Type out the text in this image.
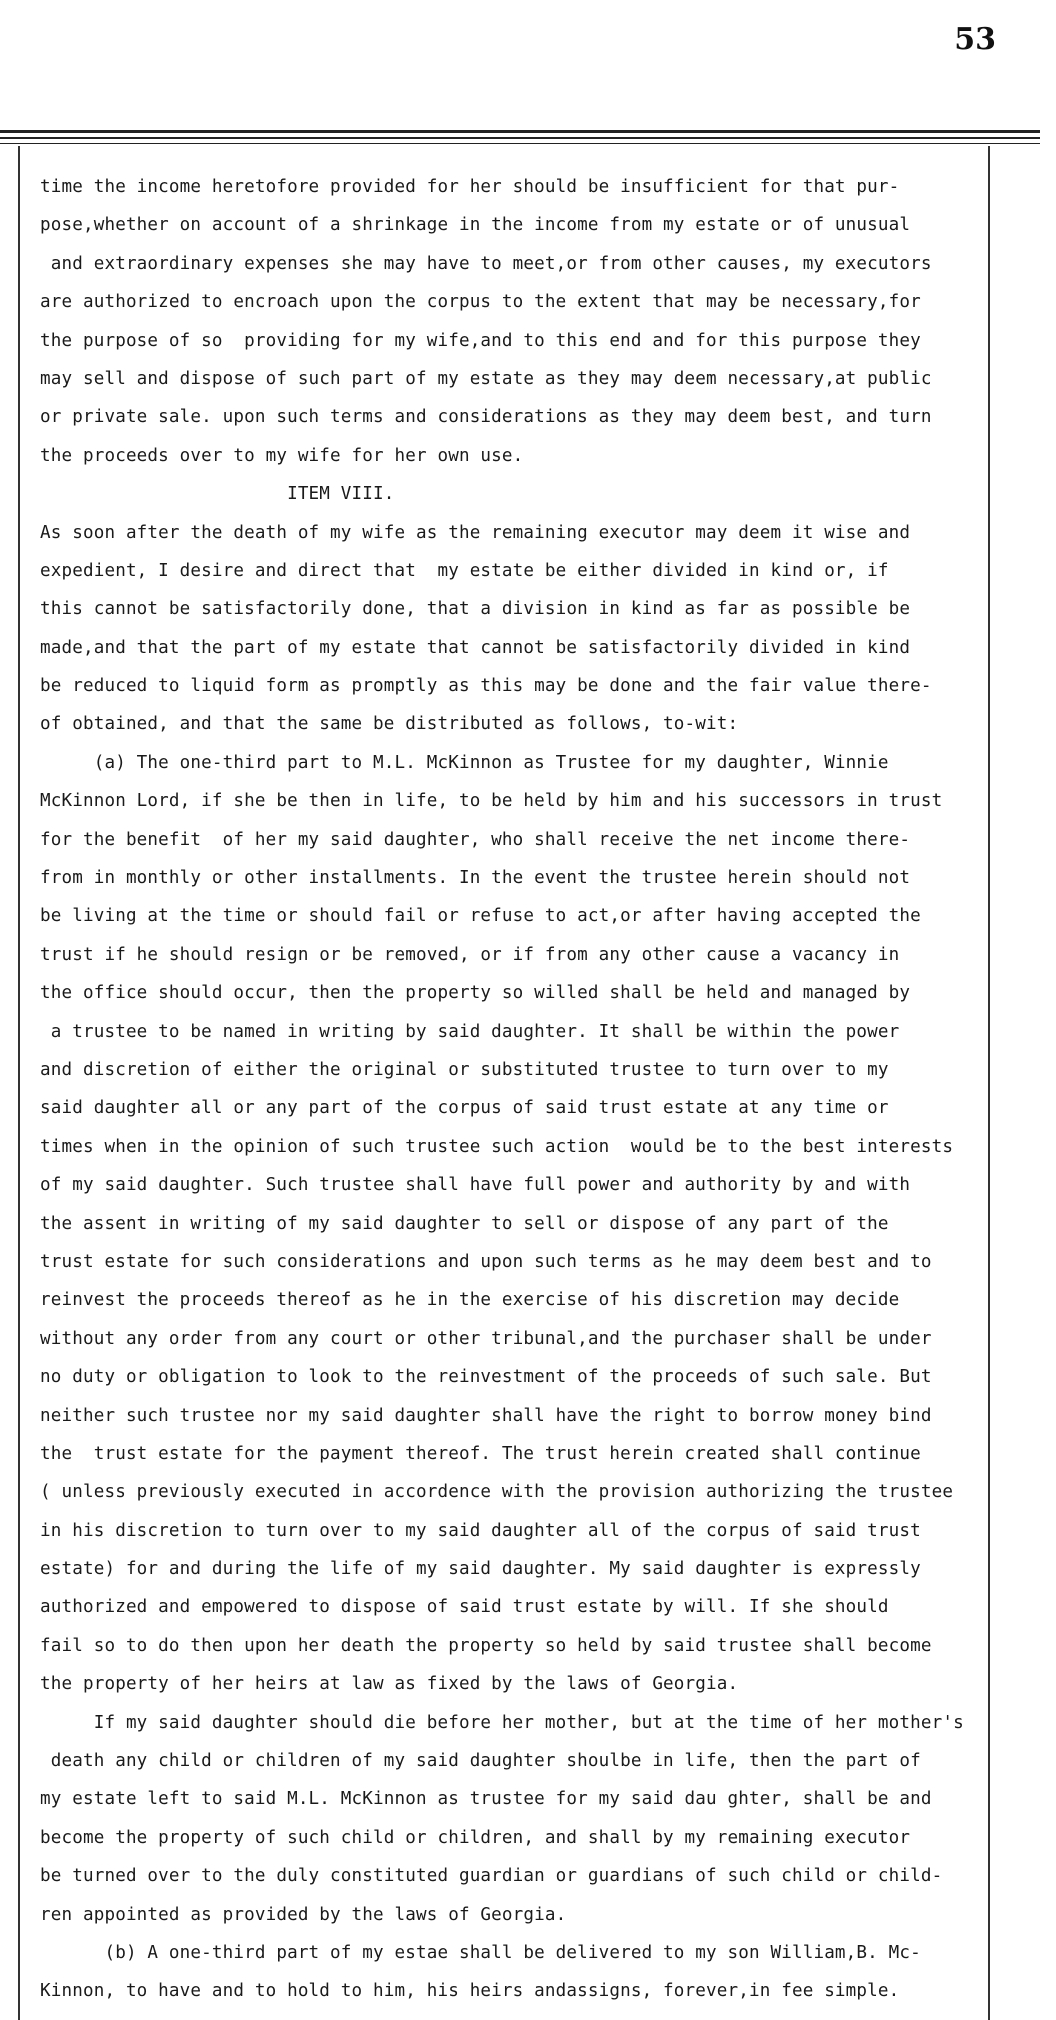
53
time the income heretofore provided for her should be insufficient for that pur-
pose,whether on account of a shrinkage in the income from my estate or of unusual
and extraordinary expenses she may have to meet,or from other causes, my executors
are authorized to encroach upon the corpus to the extent that may be necessary,for
the purpose of so  providing for my wife,and to this end and for this purpose they
may sell and dispose of such part of my estate as they may deem necessary,at public
or private sale. upon such terms and considerations as they may deem best, and turn
the proceeds over to my wife for her own use.
ITEM VIII.
As soon after the death of my wife as the remaining executor may deem it wise and
expedient, I desire and direct that  my estate be either divided in kind or, if
this cannot be satisfactorily done, that a division in kind as far as possible be
made,and that the part of my estate that cannot be satisfactorily divided in kind
be reduced to liquid form as promptly as this may be done and the fair value there-
of obtained, and that the same be distributed as follows, to-wit:
(a) The one-third part to M.L. McKinnon as Trustee for my daughter, Winnie
McKinnon Lord, if she be then in life, to be held by him and his successors in trust
for the benefit  of her my said daughter, who shall receive the net income there-
from in monthly or other installments. In the event the trustee herein should not
be living at the time or should fail or refuse to act,or after having accepted the
trust if he should resign or be removed, or if from any other cause a vacancy in
the office should occur, then the property so willed shall be held and managed by
a trustee to be named in writing by said daughter. It shall be within the power
and discretion of either the original or substituted trustee to turn over to my
said daughter all or any part of the corpus of said trust estate at any time or
times when in the opinion of such trustee such action  would be to the best interests
of my said daughter. Such trustee shall have full power and authority by and with
the assent in writing of my said daughter to sell or dispose of any part of the
trust estate for such considerations and upon such terms as he may deem best and to
reinvest the proceeds thereof as he in the exercise of his discretion may decide
without any order from any court or other tribunal,and the purchaser shall be under
no duty or obligation to look to the reinvestment of the proceeds of such sale. But
neither such trustee nor my said daughter shall have the right to borrow money bind
the  trust estate for the payment thereof. The trust herein created shall continue
( unless previously executed in accordence with the provision authorizing the trustee
in his discretion to turn over to my said daughter all of the corpus of said trust
estate) for and during the life of my said daughter. My said daughter is expressly
authorized and empowered to dispose of said trust estate by will. If she should
fail so to do then upon her death the property so held by said trustee shall become
the property of her heirs at law as fixed by the laws of Georgia.
If my said daughter should die before her mother, but at the time of her mother's
death any child or children of my said daughter shoulbe in life, then the part of
my estate left to said M.L. McKinnon as trustee for my said dau ghter, shall be and
become the property of such child or children, and shall by my remaining executor
be turned over to the duly constituted guardian or guardians of such child or child-
ren appointed as provided by the laws of Georgia.
(b) A one-third part of my estae shall be delivered to my son William,B. Mc-
Kinnon, to have and to hold to him, his heirs andassigns, forever,in fee simple.
